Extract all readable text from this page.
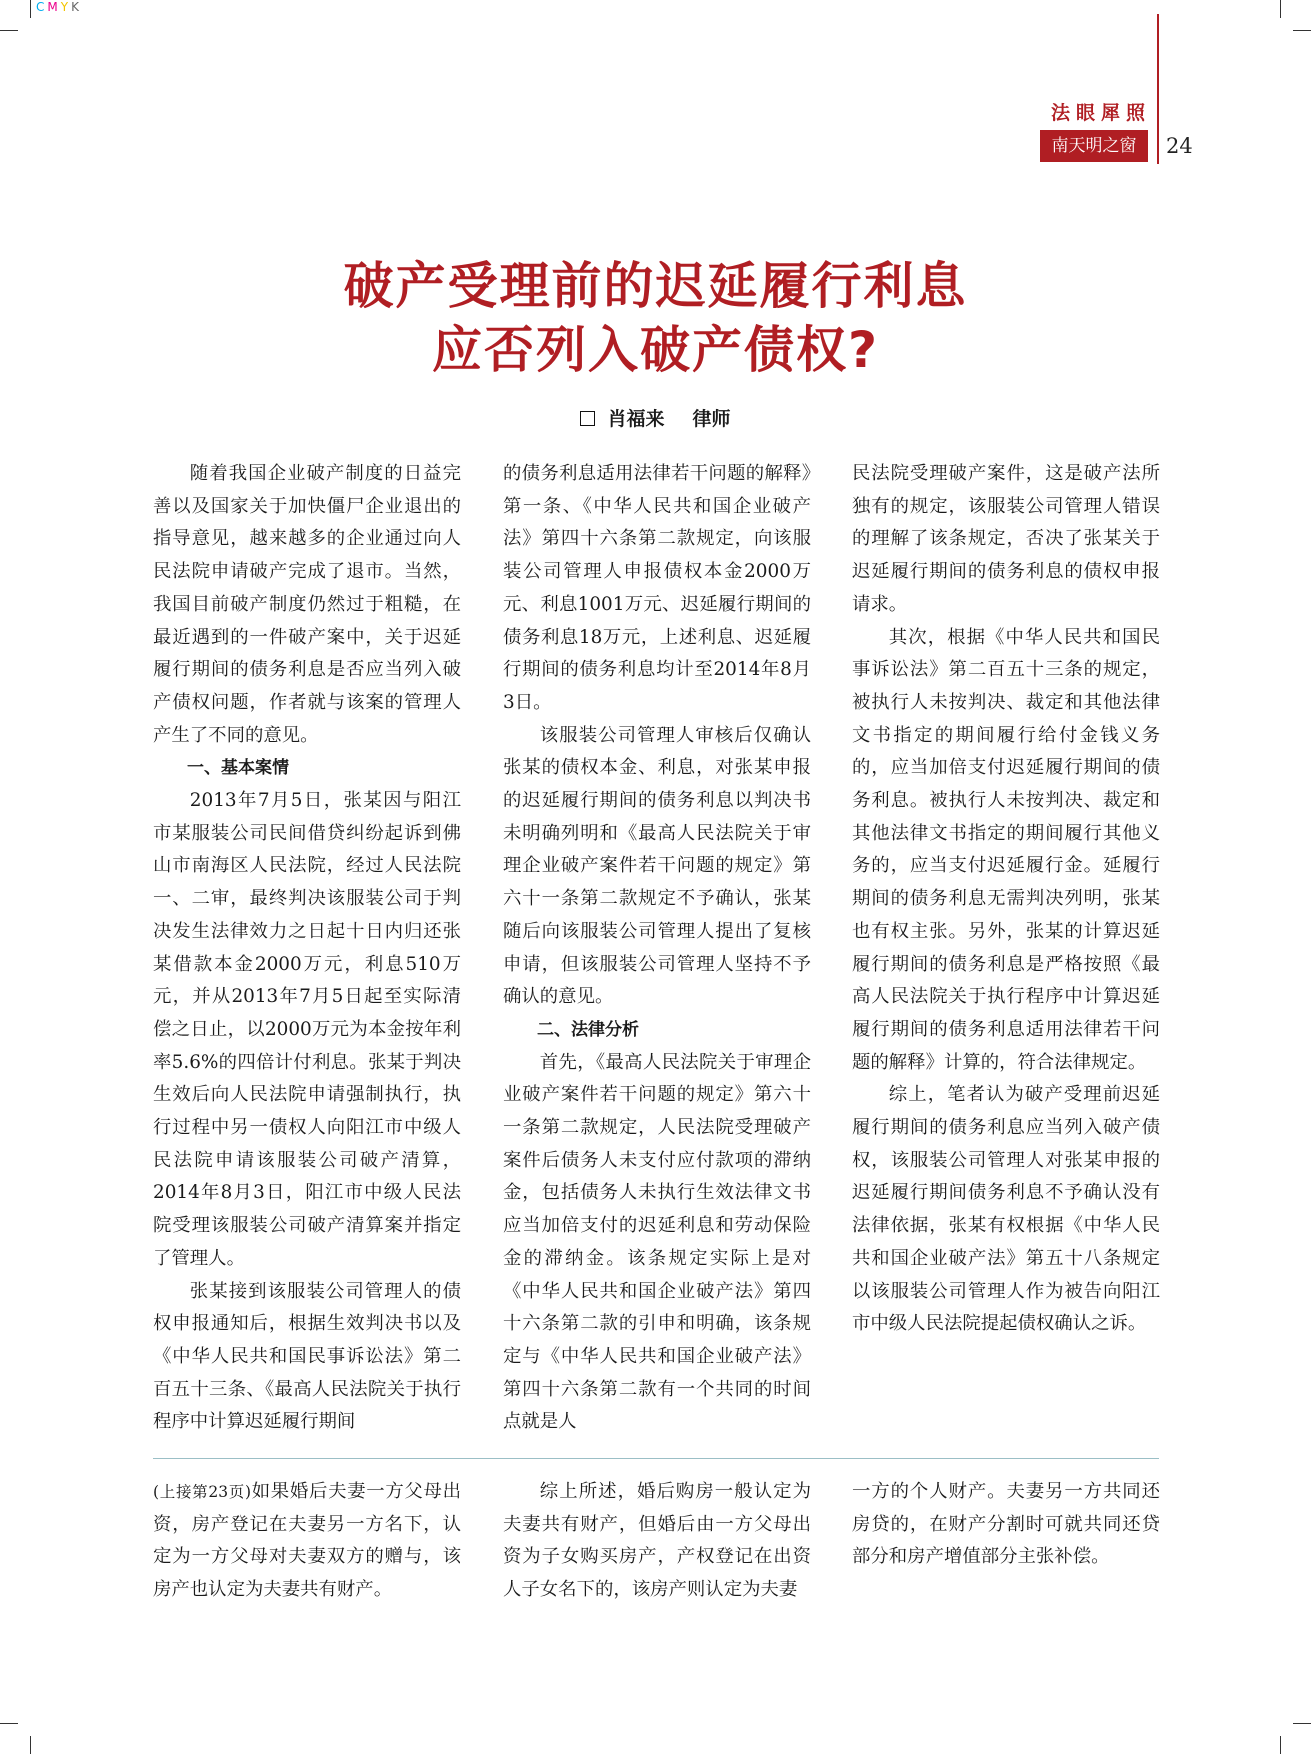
CMYK
法眼犀照
南天明之窗	24
破产受理前的迟延履行利息
应否列入破产债权?
肖福来 律师

随着我国企业破产制度的日益完善以及国家关于加快僵尸企业退出的指导意见，越来越多的企业通过向人民法院申请破产完成了退市。当然，我国目前破产制度仍然过于粗糙，在最近遇到的一件破产案中，关于迟延履行期间的债务利息是否应当列入破产债权问题，作者就与该案的管理人产生了不同的意见。

一、基本案情

2013年7月5日，张某因与阳江市某服装公司民间借贷纠纷起诉到佛山市南海区人民法院，经过人民法院一、二审，最终判决该服装公司于判决发生法律效力之日起十日内归还张某借款本金2000万元，利息510万元，并从2013年7月5日起至实际清偿之日止，以2000万元为本金按年利率5.6%的四倍计付利息。张某于判决生效后向人民法院申请强制执行，执行过程中另一债权人向阳江市中级人民法院申请该服装公司破产清算，2014年8月3日，阳江市中级人民法院受理该服装公司破产清算案并指定了管理人。

张某接到该服装公司管理人的债权申报通知后，根据生效判决书以及《中华人民共和国民事诉讼法》第二百五十三条、《最高人民法院关于执行程序中计算迟延履行期间

的债务利息适用法律若干问题的解释》第一条、《中华人民共和国企业破产法》第四十六条第二款规定，向该服装公司管理人申报债权本金2000万元、利息1001万元、迟延履行期间的债务利息18万元，上述利息、迟延履行期间的债务利息均计至2014年8月3日。

该服装公司管理人审核后仅确认张某的债权本金、利息，对张某申报的迟延履行期间的债务利息以判决书未明确列明和《最高人民法院关于审理企业破产案件若干问题的规定》第六十一条第二款规定不予确认，张某随后向该服装公司管理人提出了复核申请，但该服装公司管理人坚持不予确认的意见。

二、法律分析

首先，《最高人民法院关于审理企业破产案件若干问题的规定》第六十一条第二款规定，人民法院受理破产案件后债务人未支付应付款项的滞纳金，包括债务人未执行生效法律文书应当加倍支付的迟延利息和劳动保险金的滞纳金。该条规定实际上是对《中华人民共和国企业破产法》第四十六条第二款的引申和明确，该条规定与《中华人民共和国企业破产法》第四十六条第二款有一个共同的时间点就是人

民法院受理破产案件，这是破产法所独有的规定，该服装公司管理人错误的理解了该条规定，否决了张某关于迟延履行期间的债务利息的债权申报请求。

其次，根据《中华人民共和国民事诉讼法》第二百五十三条的规定，被执行人未按判决、裁定和其他法律文书指定的期间履行给付金钱义务的，应当加倍支付迟延履行期间的债务利息。被执行人未按判决、裁定和其他法律文书指定的期间履行其他义务的，应当支付迟延履行金。延履行期间的债务利息无需判决列明，张某也有权主张。另外，张某的计算迟延履行期间的债务利息是严格按照《最高人民法院关于执行程序中计算迟延履行期间的债务利息适用法律若干问题的解释》计算的，符合法律规定。

综上，笔者认为破产受理前迟延履行期间的债务利息应当列入破产债权，该服装公司管理人对张某申报的迟延履行期间债务利息不予确认没有法律依据，张某有权根据《中华人民共和国企业破产法》第五十八条规定以该服装公司管理人作为被告向阳江市中级人民法院提起债权确认之诉。

(上接第23页)如果婚后夫妻一方父母出资，房产登记在夫妻另一方名下，认定为一方父母对夫妻双方的赠与，该房产也认定为夫妻共有财产。

综上所述，婚后购房一般认定为夫妻共有财产，但婚后由一方父母出资为子女购买房产，产权登记在出资人子女名下的，该房产则认定为夫妻

一方的个人财产。夫妻另一方共同还房贷的，在财产分割时可就共同还贷部分和房产增值部分主张补偿。
